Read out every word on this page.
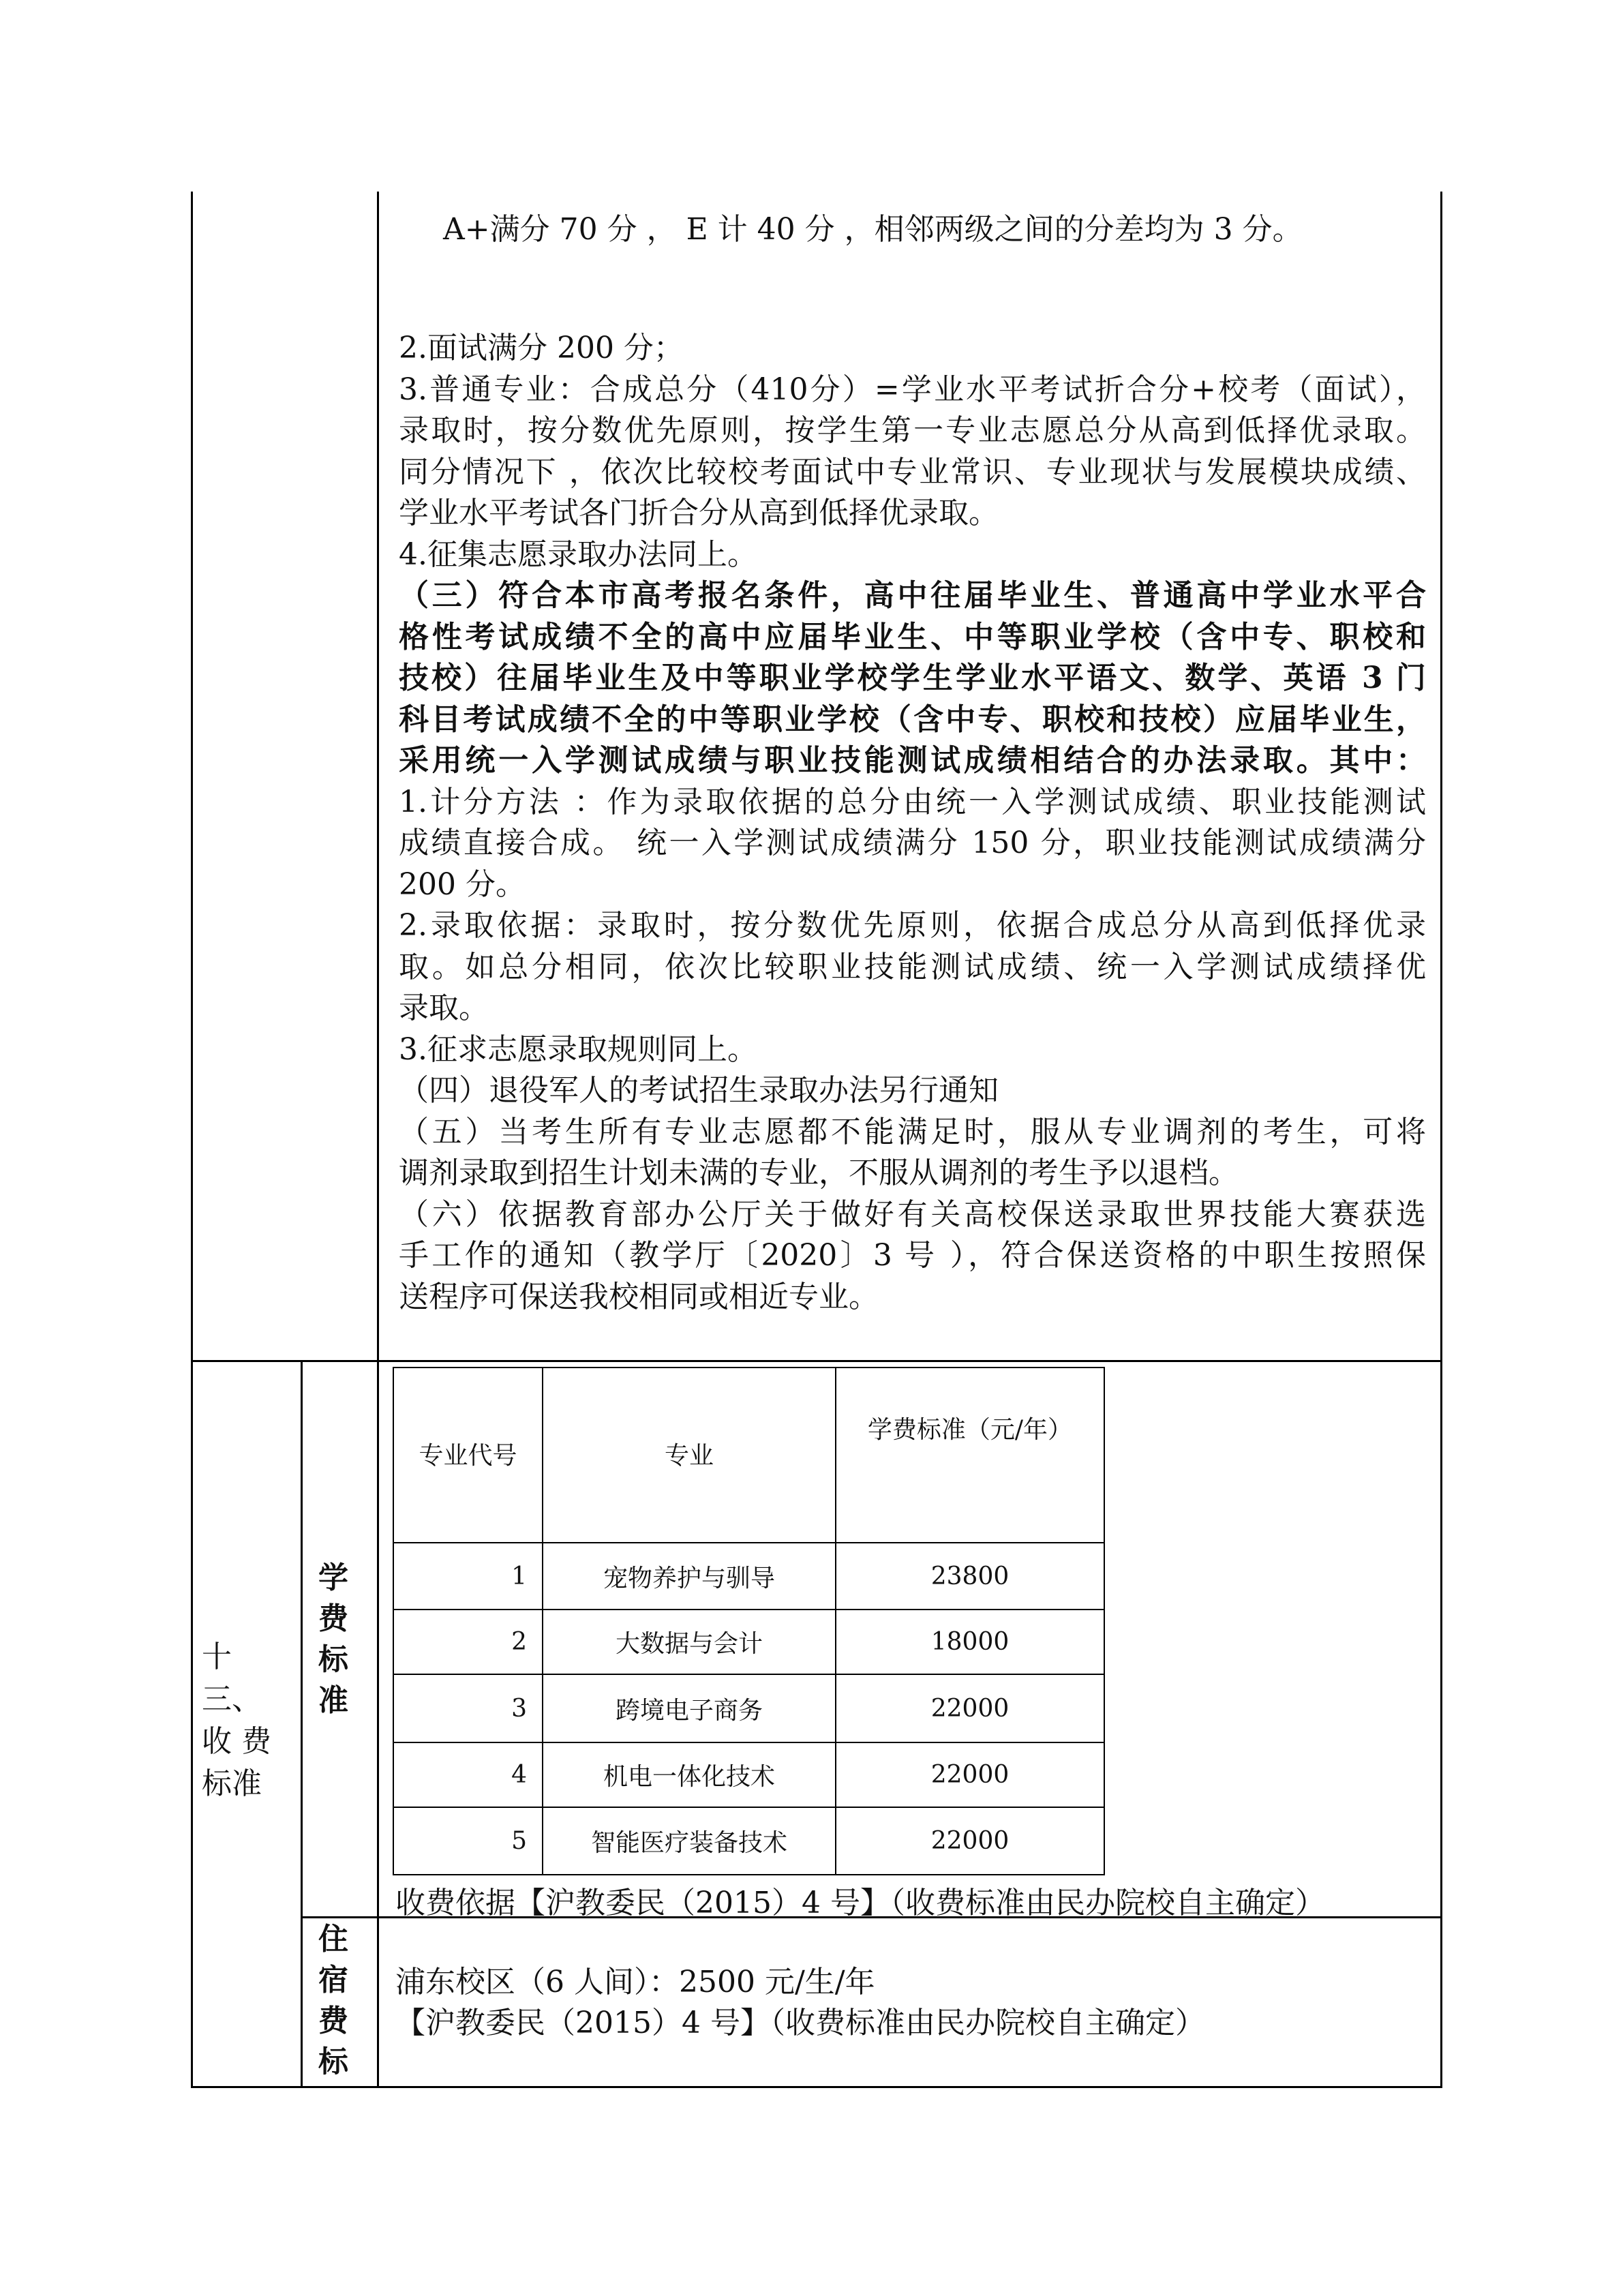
A+满分 70 分 ， E 计 40 分 ，相邻两级之间的分差均为 3 分。
2.面试满分 200 分；
3.普通专业：合成总分（410分）=学业水平考试折合分+校考（面试），
录取时，按分数优先原则，按学生第一专业志愿总分从高到低择优录取。
同分情况下 ，依次比较校考面试中专业常识、专业现状与发展模块成绩、
学业水平考试各门折合分从高到低择优录取。
4.征集志愿录取办法同上。
（三）符合本市高考报名条件，高中往届毕业生、普通高中学业水平合
格性考试成绩不全的高中应届毕业生、中等职业学校（含中专、职校和
技校）往届毕业生及中等职业学校学生学业水平语文、数学、英语 3 门
科目考试成绩不全的中等职业学校（含中专、职校和技校）应届毕业生，
采用统一入学测试成绩与职业技能测试成绩相结合的办法录取。其中：
1.计分方法 ：作为录取依据的总分由统一入学测试成绩、职业技能测试
成绩直接合成。 统一入学测试成绩满分 150 分，职业技能测试成绩满分
200 分。
2.录取依据：录取时，按分数优先原则，依据合成总分从高到低择优录
取。如总分相同，依次比较职业技能测试成绩、统一入学测试成绩择优
录取。
3.征求志愿录取规则同上。
（四）退役军人的考试招生录取办法另行通知
（五）当考生所有专业志愿都不能满足时，服从专业调剂的考生，可将
调剂录取到招生计划未满的专业，不服从调剂的考生予以退档。
（六）依据教育部办公厅关于做好有关高校保送录取世界技能大赛获选
手工作的通知（教学厅〔2020〕3 号 ），符合保送资格的中职生按照保
送程序可保送我校相同或相近专业。
十
三、
收 费
标准
学
费
标
准
专业代号	专业	学费标准（元/年）
1	宠物养护与驯导	23800
2	大数据与会计	18000
3	跨境电子商务	22000
4	机电一体化技术	22000
5	智能医疗装备技术	22000
收费依据【沪教委民（2015）4 号】（收费标准由民办院校自主确定）
住
宿
费
标
浦东校区（6 人间）：2500 元/生/年
【沪教委民（2015）4 号】（收费标准由民办院校自主确定）
